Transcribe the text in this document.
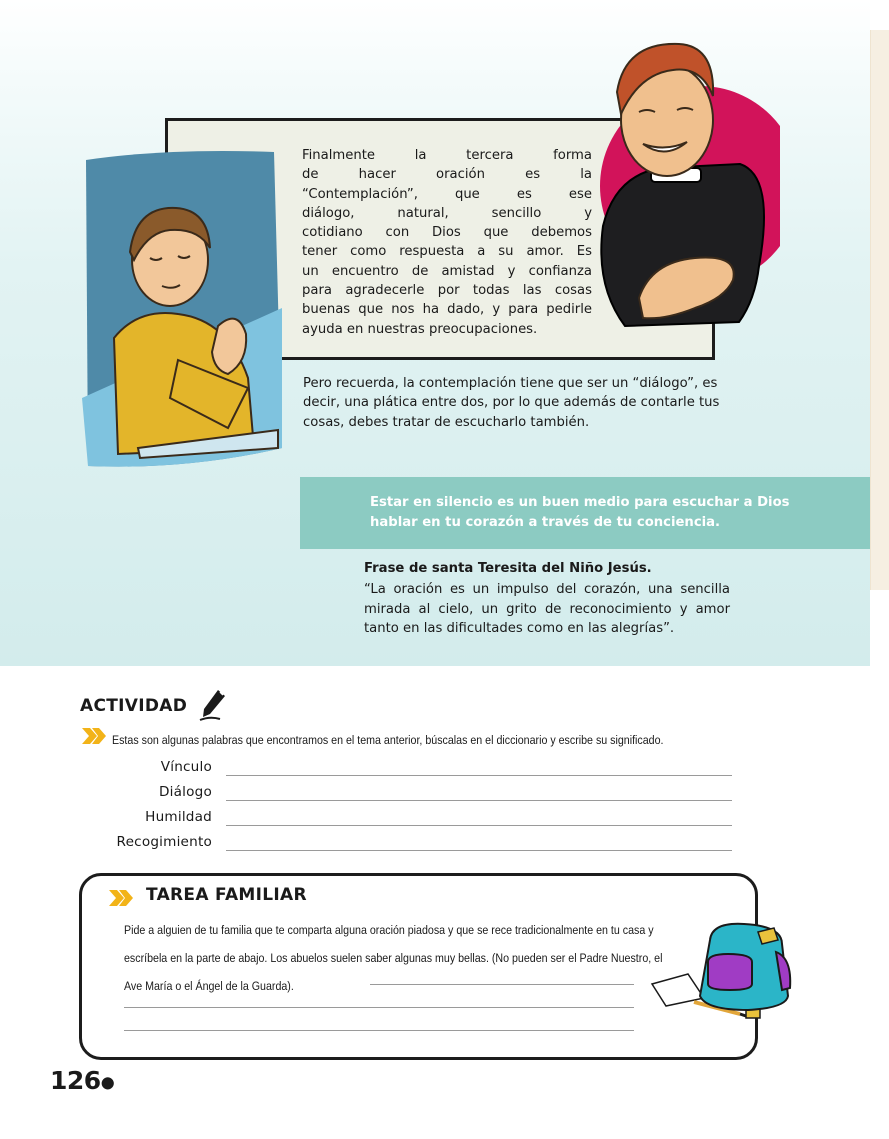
Finalmente la tercera forma
de hacer oración es la
“Contemplación”, que es ese
diálogo, natural, sencillo y
cotidiano con Dios que debemos
tener como respuesta a su amor. Es
un encuentro de amistad y confianza
para agradecerle por todas las cosas
buenas que nos ha dado, y para pedirle
ayuda en nuestras preocupaciones.

Pero recuerda, la contemplación tiene que ser un “diálogo”, es decir, una plática entre dos, por lo que además de contarle tus cosas, debes tratar de escucharlo también.

Estar en silencio es un buen medio para escuchar a Dios hablar en tu corazón a través de tu conciencia.

Frase de santa Teresita del Niño Jesús.

“La oración es un impulso del corazón, una sencilla mirada al cielo, un grito de reconocimiento y amor tanto en las dificultades como en las alegrías”.

ACTIVIDAD

Estas son algunas palabras que encontramos en el tema anterior, búscalas en el diccionario y escribe su significado.

Vínculo
Diálogo
Humildad
Recogimiento
TAREA FAMILIAR

Pide a alguien de tu familia que te comparta alguna oración piadosa y que se rece tradicionalmente en tu casa y escríbela en la parte de abajo. Los abuelos suelen saber algunas muy bellas. (No pueden ser el Padre Nuestro, el Ave María o el Ángel de la Guarda).

126●
